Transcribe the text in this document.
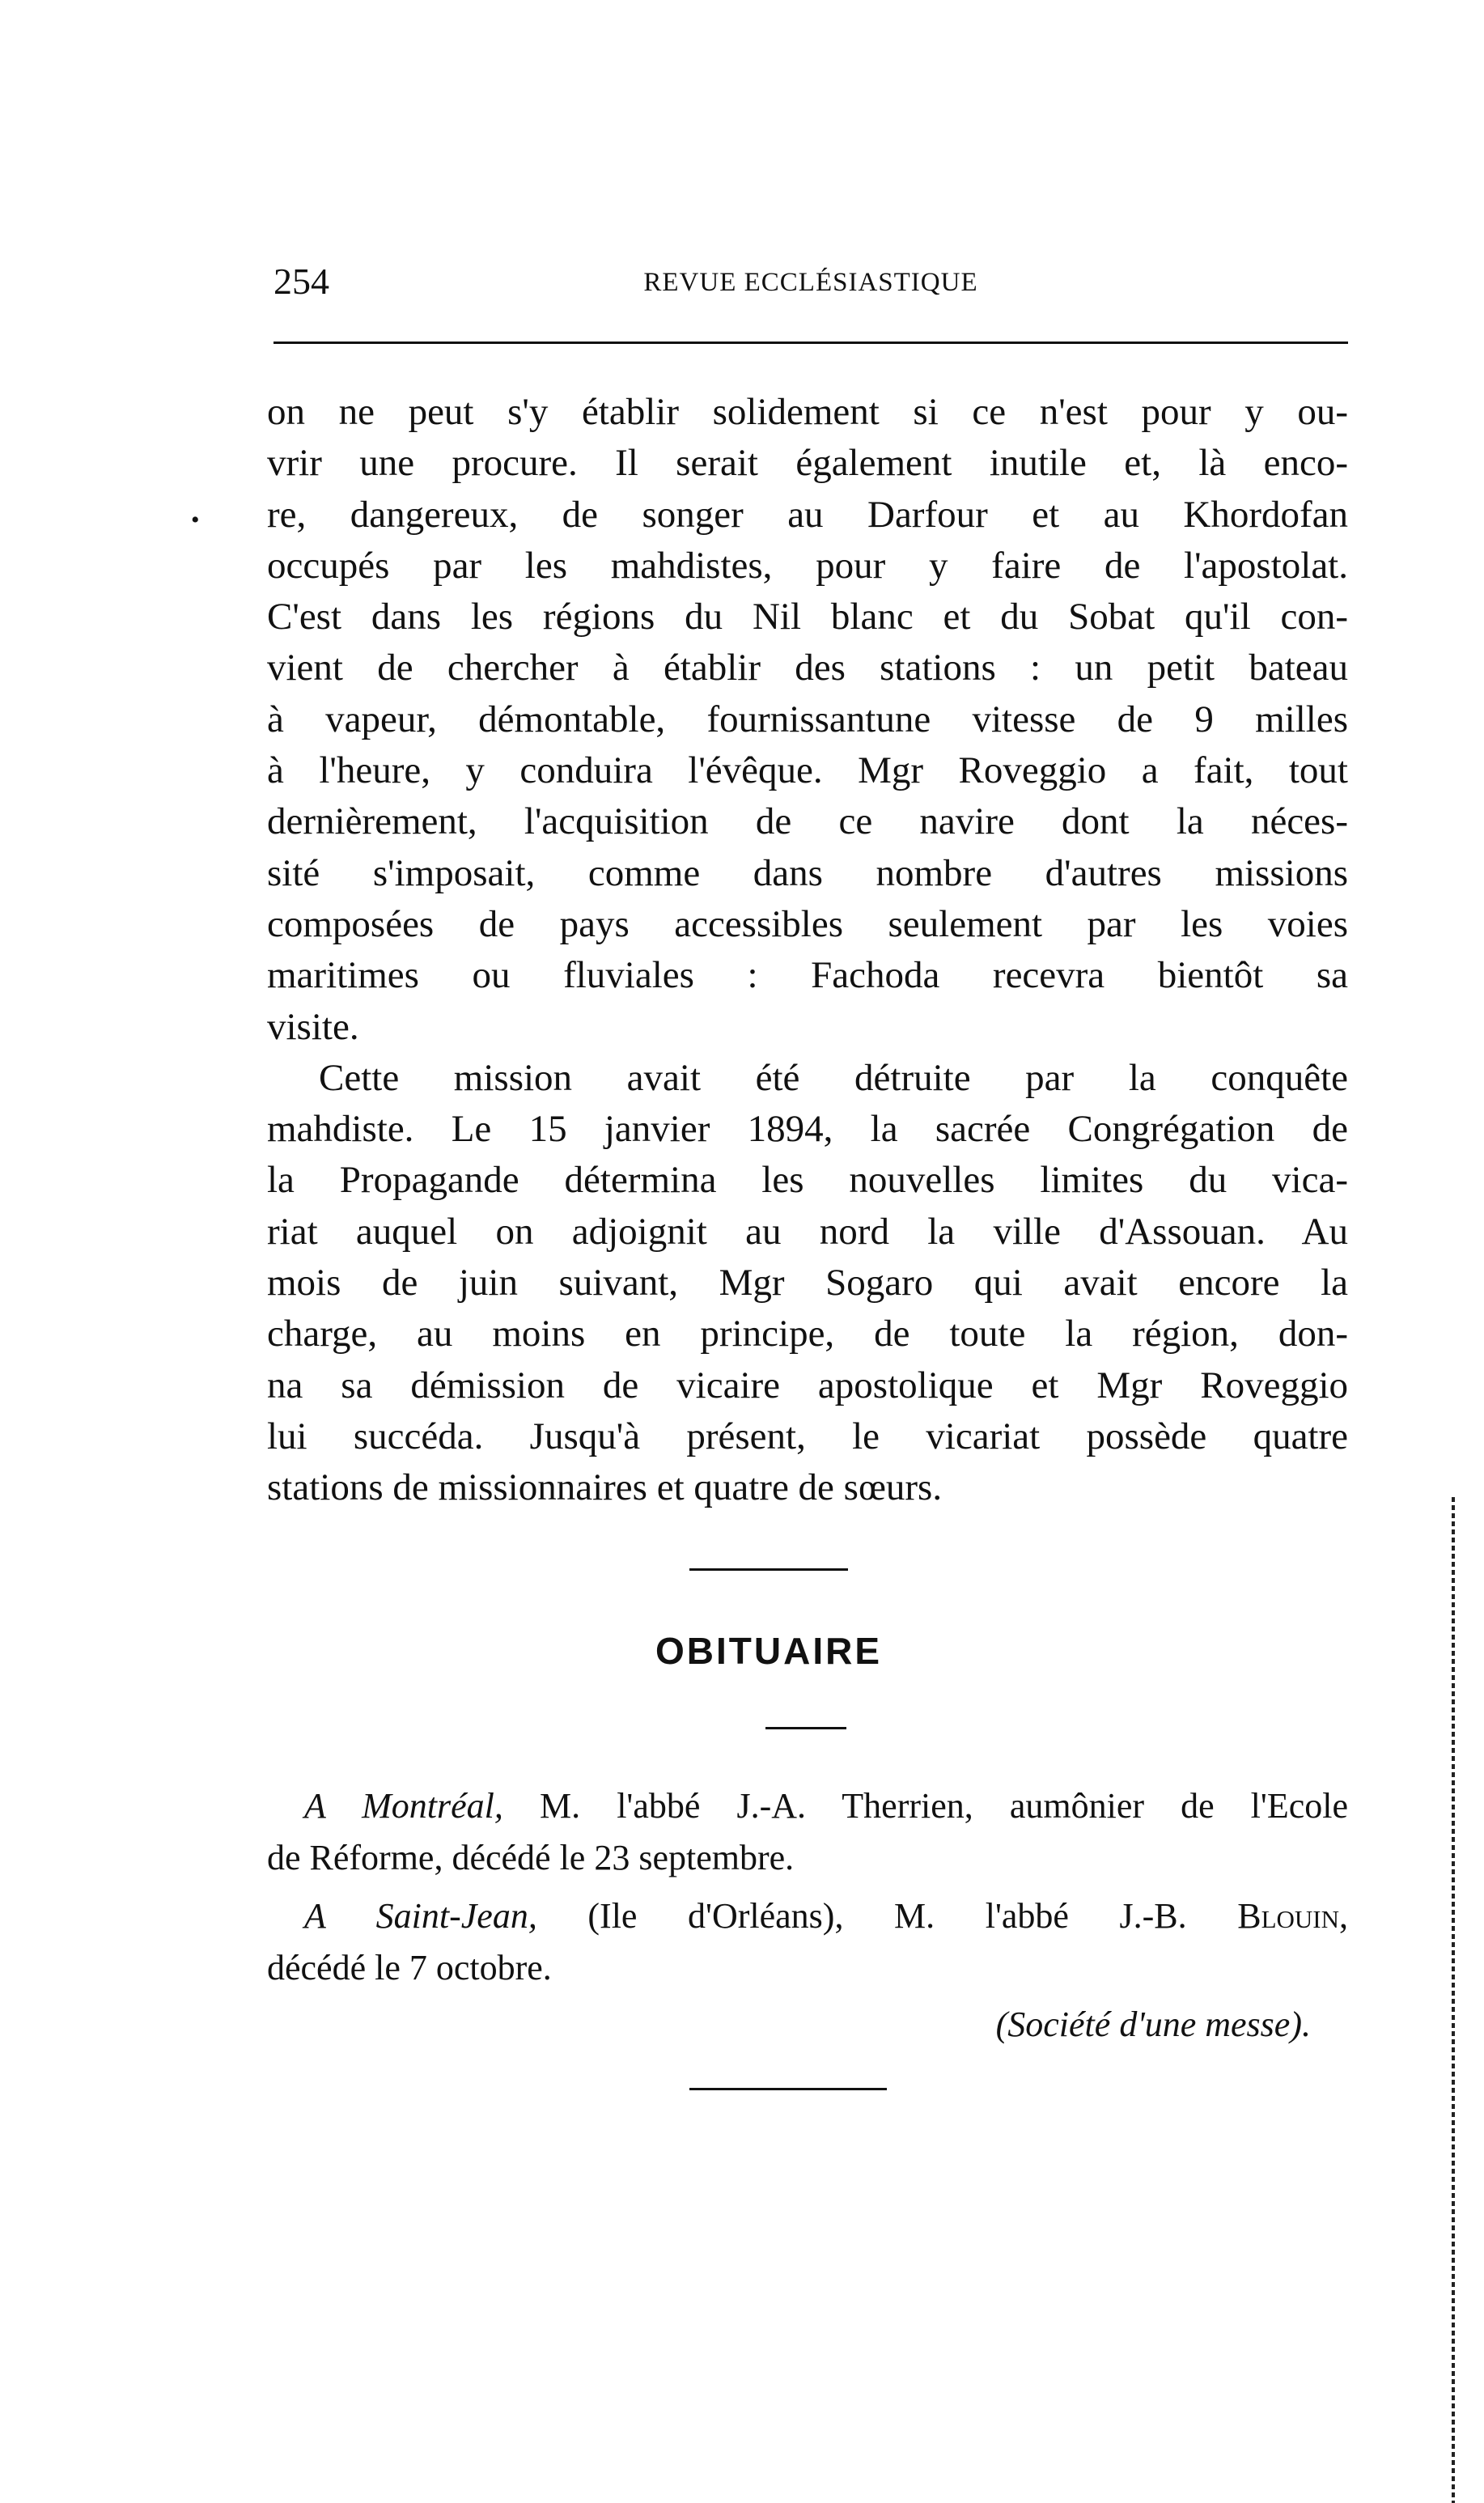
254	REVUE ECCLÉSIASTIQUE
•
on ne peut s'y établir solidement si ce n'est pour y ou-
vrir une procure. Il serait également inutile et, là enco-
re, dangereux, de songer au Darfour et au Khordofan
occupés par les mahdistes, pour y faire de l'apostolat.
C'est dans les régions du Nil blanc et du Sobat qu'il con-
vient de chercher à établir des stations : un petit bateau
à vapeur, démontable, fournissantune vitesse de 9 milles
à l'heure, y conduira l'évêque. Mgr Roveggio a fait, tout
dernièrement, l'acquisition de ce navire dont la néces-
sité s'imposait, comme dans nombre d'autres missions
composées de pays accessibles seulement par les voies
maritimes ou fluviales : Fachoda recevra bientôt sa
visite.
Cette mission avait été détruite par la conquête
mahdiste. Le 15 janvier 1894, la sacrée Congrégation de
la Propagande détermina les nouvelles limites du vica-
riat auquel on adjoignit au nord la ville d'Assouan. Au
mois de juin suivant, Mgr Sogaro qui avait encore la
charge, au moins en principe, de toute la région, don-
na sa démission de vicaire apostolique et Mgr Roveggio
lui succéda. Jusqu'à présent, le vicariat possède quatre
stations de missionnaires et quatre de sœurs.
OBITUAIRE
A Montréal, M. l'abbé J.-A. Therrien, aumônier de l'Ecole
de Réforme, décédé le 23 septembre.
A Saint-Jean, (Ile d'Orléans), M. l'abbé J.-B. Blouin,
décédé le 7 octobre.
(Société d'une messe).
